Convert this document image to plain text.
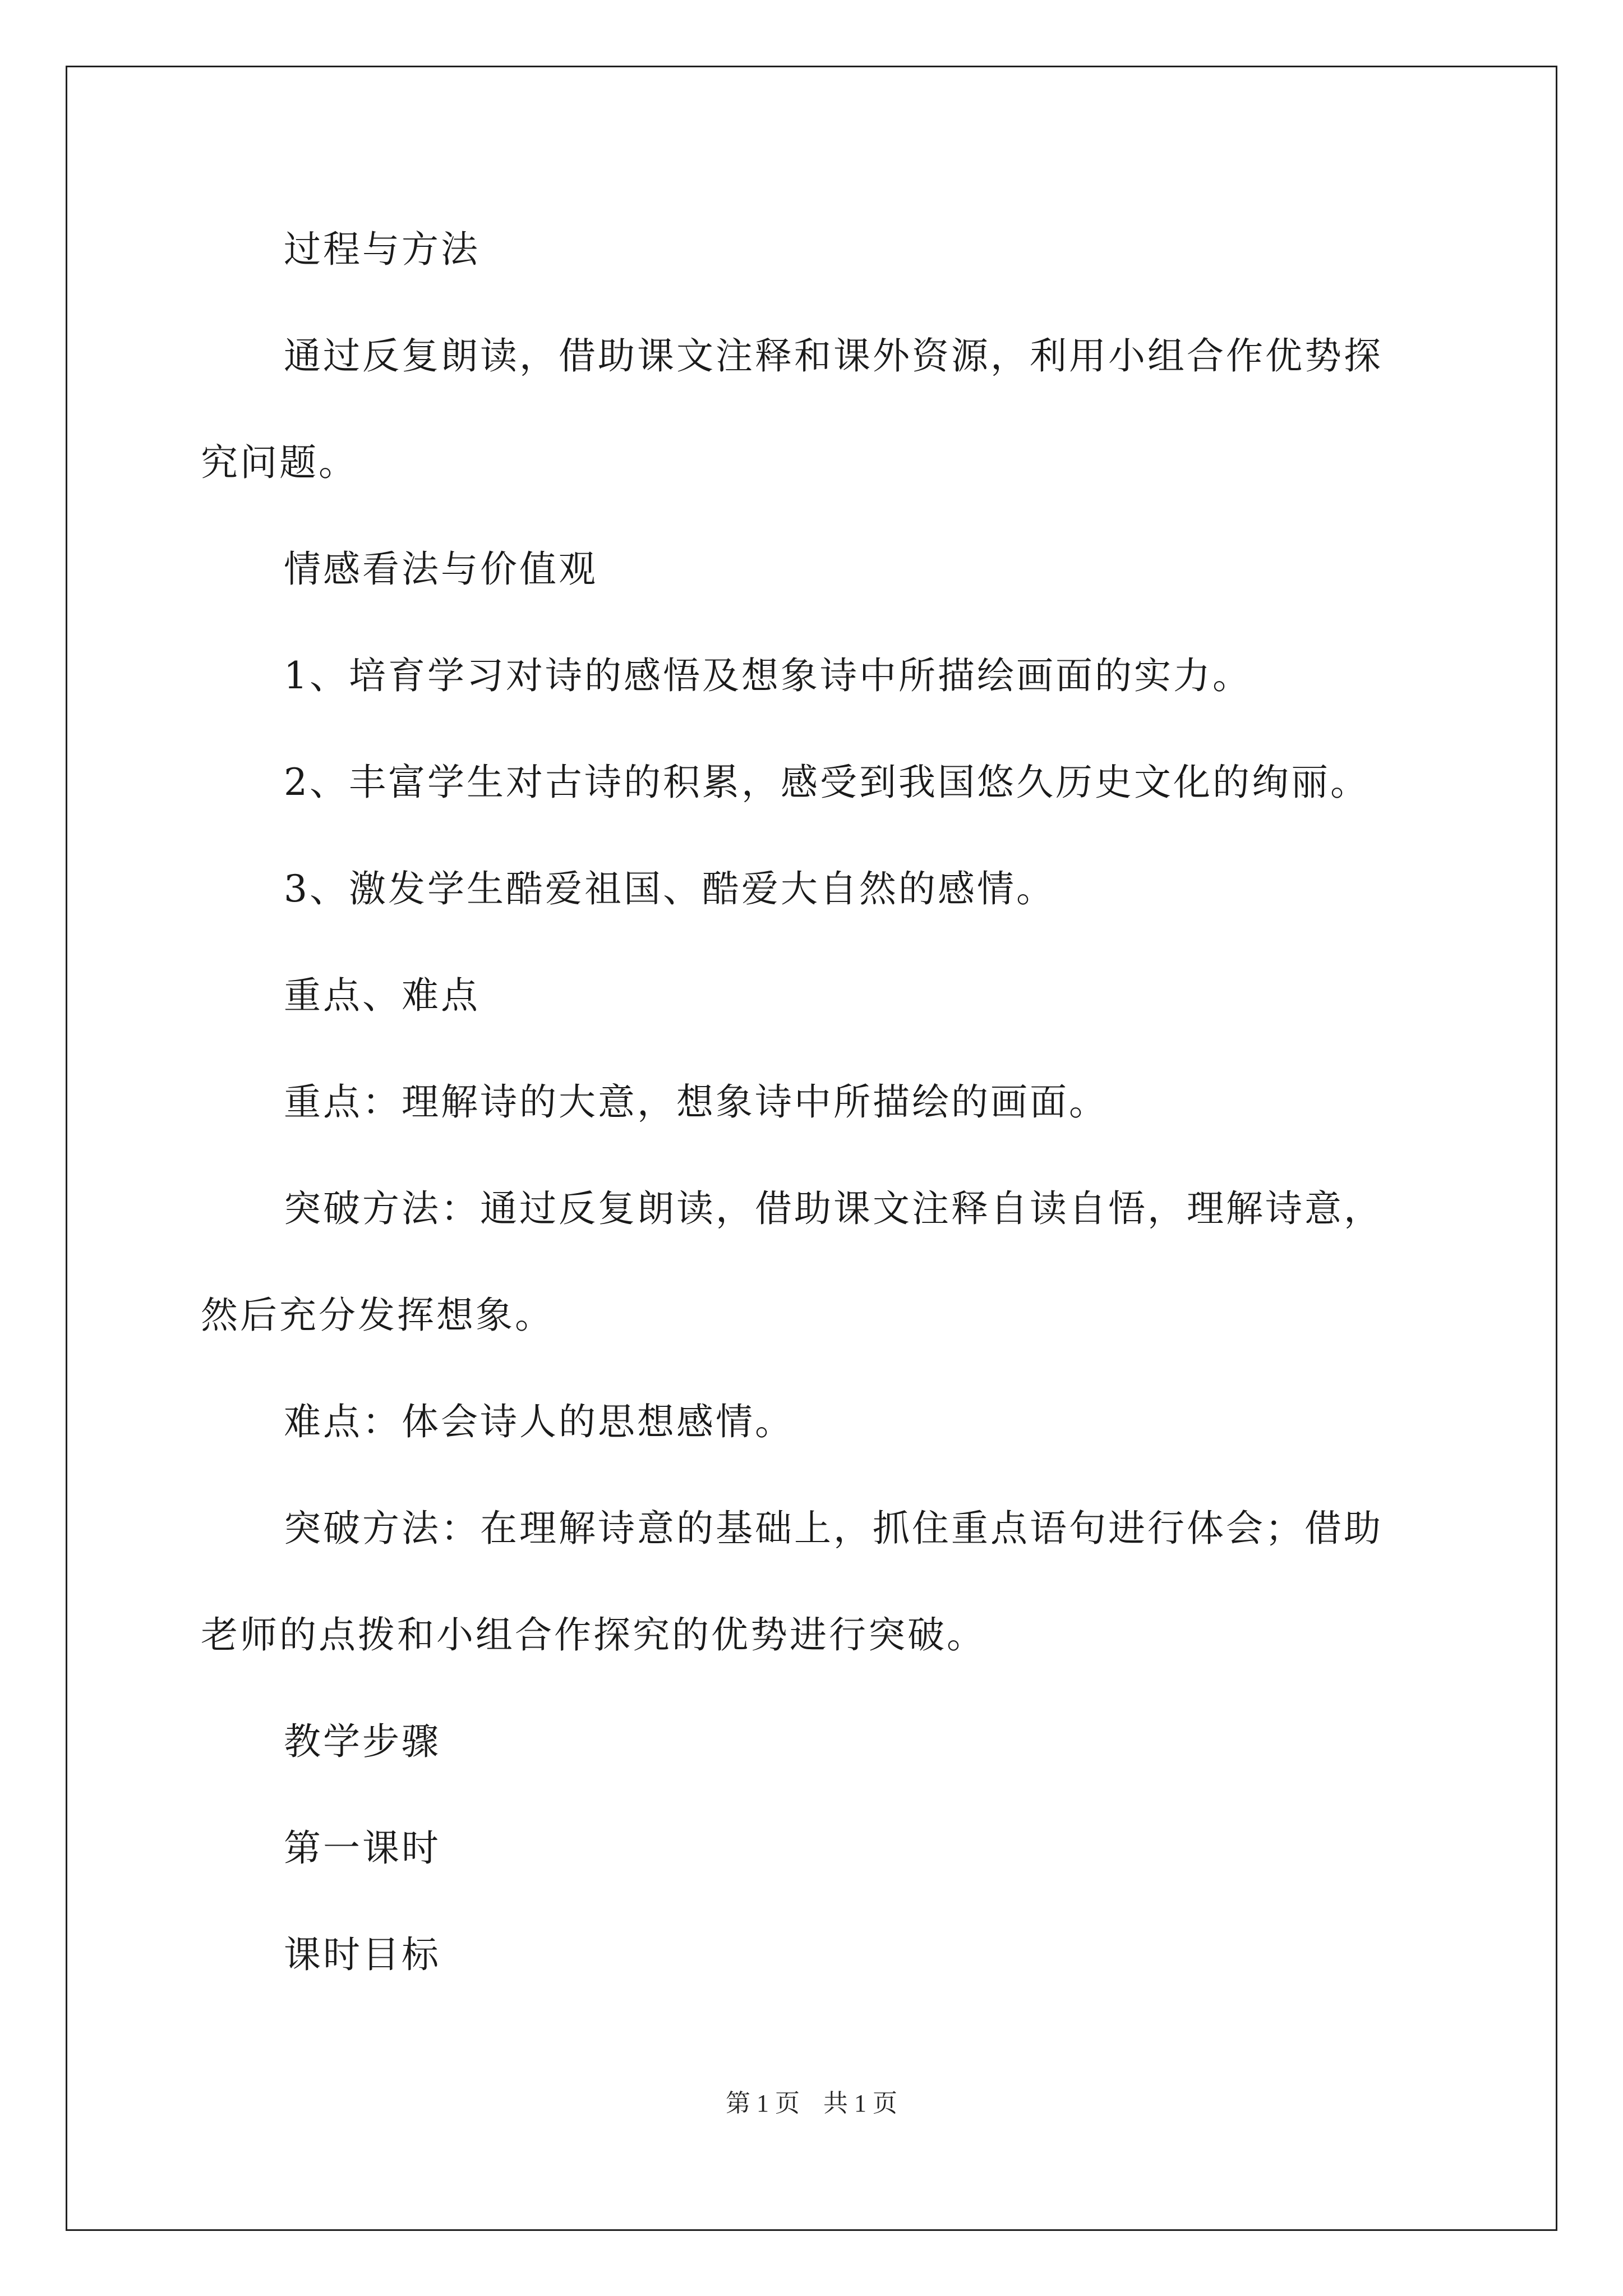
过程与方法
通过反复朗读，借助课文注释和课外资源，利用小组合作优势探
究问题。
情感看法与价值观
1、培育学习对诗的感悟及想象诗中所描绘画面的实力。
2、丰富学生对古诗的积累，感受到我国悠久历史文化的绚丽。
3、激发学生酷爱祖国、酷爱大自然的感情。
重点、难点
重点：理解诗的大意，想象诗中所描绘的画面。
突破方法：通过反复朗读，借助课文注释自读自悟，理解诗意，
然后充分发挥想象。
难点：体会诗人的思想感情。
突破方法：在理解诗意的基础上，抓住重点语句进行体会；借助
老师的点拨和小组合作探究的优势进行突破。
教学步骤
第一课时
课时目标
第 1 页 共 1 页
